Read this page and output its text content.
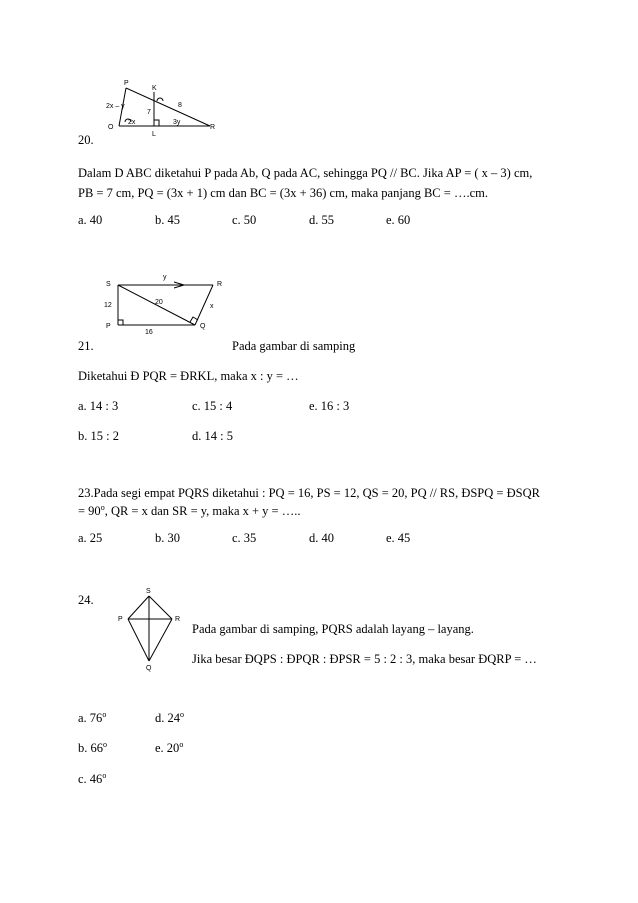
P
K
O
L
R
2x – y
7
8
2x	3y
20.
Dalam D ABC diketahui P pada Ab, Q pada AC, sehingga PQ // BC. Jika AP = ( x – 3) cm,
PB = 7 cm, PQ = (3x + 1) cm dan BC = (3x + 36) cm, maka panjang BC = ….cm.
a. 40	b. 45	c. 50	d. 55	e. 60
S	R
P	Q
y
x
12	20
16
21.	Pada gambar di samping
Diketahui Đ PQR = ĐRKL, maka x : y = …
a. 14 : 3	c. 15 : 4	e. 16 : 3
b. 15 : 2	d. 14 : 5
23.Pada segi empat PQRS diketahui : PQ = 16, PS = 12, QS = 20, PQ // RS, ĐSPQ = ĐSQR
= $90^o$, QR = x dan SR = y, maka x + y = …..
a. 25	b. 30	c. 35	d. 40	e. 45
24.
S
P	R
Q
Pada gambar di samping, PQRS adalah layang – layang.
Jika besar ĐQPS : ĐPQR : ĐPSR = 5 : 2 : 3, maka besar ĐQRP = …
a. 76$^o$	d. 24$^o$
b. 66$^o$	e. 20$^o$
c. 46$^o$
